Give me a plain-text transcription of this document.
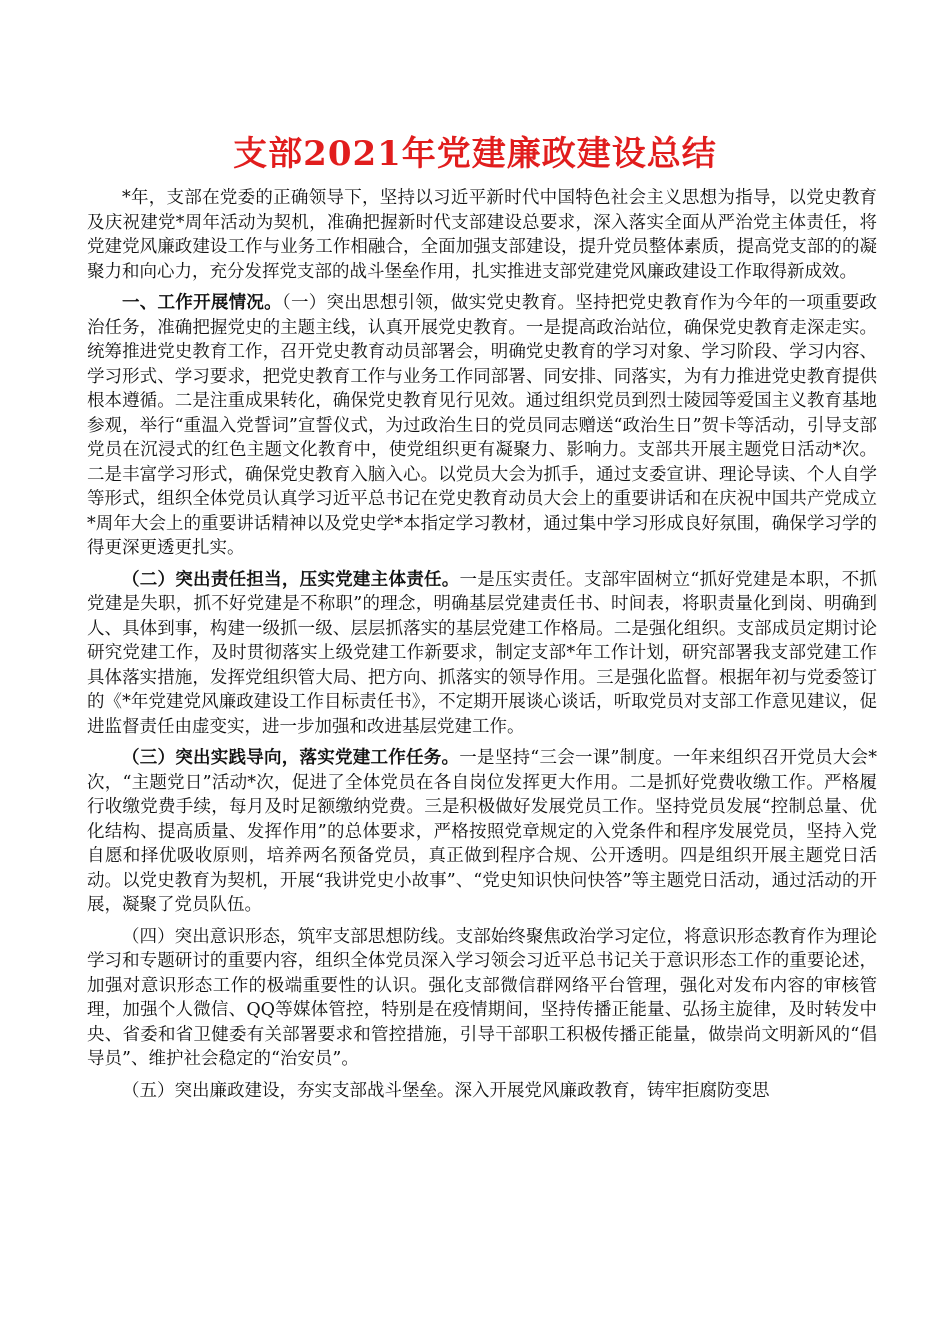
支部2021年党建廉政建设总结

*年，支部在党委的正确领导下，坚持以习近平新时代中国特色社会主义思想为指导，以党史教育及庆祝建党*周年活动为契机，准确把握新时代支部建设总要求，深入落实全面从严治党主体责任，将党建党风廉政建设工作与业务工作相融合，全面加强支部建设，提升党员整体素质，提高党支部的的凝聚力和向心力，充分发挥党支部的战斗堡垒作用，扎实推进支部党建党风廉政建设工作取得新成效。

一、工作开展情况。（一）突出思想引领，做实党史教育。坚持把党史教育作为今年的一项重要政治任务，准确把握党史的主题主线，认真开展党史教育。一是提高政治站位，确保党史教育走深走实。统筹推进党史教育工作，召开党史教育动员部署会，明确党史教育的学习对象、学习阶段、学习内容、学习形式、学习要求，把党史教育工作与业务工作同部署、同安排、同落实，为有力推进党史教育提供根本遵循。二是注重成果转化，确保党史教育见行见效。通过组织党员到烈士陵园等爱国主义教育基地参观，举行“重温入党誓词”宣誓仪式，为过政治生日的党员同志赠送“政治生日”贺卡等活动，引导支部党员在沉浸式的红色主题文化教育中，使党组织更有凝聚力、影响力。支部共开展主题党日活动*次。二是丰富学习形式，确保党史教育入脑入心。以党员大会为抓手，通过支委宣讲、理论导读、个人自学等形式，组织全体党员认真学习近平总书记在党史教育动员大会上的重要讲话和在庆祝中国共产党成立*周年大会上的重要讲话精神以及党史学*本指定学习教材，通过集中学习形成良好氛围，确保学习学的得更深更透更扎实。

（二）突出责任担当，压实党建主体责任。一是压实责任。支部牢固树立“抓好党建是本职，不抓党建是失职，抓不好党建是不称职”的理念，明确基层党建责任书、时间表，将职责量化到岗、明确到人、具体到事，构建一级抓一级、层层抓落实的基层党建工作格局。二是强化组织。支部成员定期讨论研究党建工作，及时贯彻落实上级党建工作新要求，制定支部*年工作计划，研究部署我支部党建工作具体落实措施，发挥党组织管大局、把方向、抓落实的领导作用。三是强化监督。根据年初与党委签订的《*年党建党风廉政建设工作目标责任书》，不定期开展谈心谈话，听取党员对支部工作意见建议，促进监督责任由虚变实，进一步加强和改进基层党建工作。

（三）突出实践导向，落实党建工作任务。一是坚持“三会一课”制度。一年来组织召开党员大会*次，“主题党日”活动*次，促进了全体党员在各自岗位发挥更大作用。二是抓好党费收缴工作。严格履行收缴党费手续，每月及时足额缴纳党费。三是积极做好发展党员工作。坚持党员发展“控制总量、优化结构、提高质量、发挥作用”的总体要求，严格按照党章规定的入党条件和程序发展党员，坚持入党自愿和择优吸收原则，培养两名预备党员，真正做到程序合规、公开透明。四是组织开展主题党日活动。以党史教育为契机，开展“我讲党史小故事”、“党史知识快问快答”等主题党日活动，通过活动的开展，凝聚了党员队伍。

（四）突出意识形态，筑牢支部思想防线。支部始终聚焦政治学习定位，将意识形态教育作为理论学习和专题研讨的重要内容，组织全体党员深入学习领会习近平总书记关于意识形态工作的重要论述，加强对意识形态工作的极端重要性的认识。强化支部微信群网络平台管理，强化对发布内容的审核管理，加强个人微信、QQ等媒体管控，特别是在疫情期间，坚持传播正能量、弘扬主旋律，及时转发中央、省委和省卫健委有关部署要求和管控措施，引导干部职工积极传播正能量，做崇尚文明新风的“倡导员”、维护社会稳定的“治安员”。

（五）突出廉政建设，夯实支部战斗堡垒。深入开展党风廉政教育，铸牢拒腐防变思
